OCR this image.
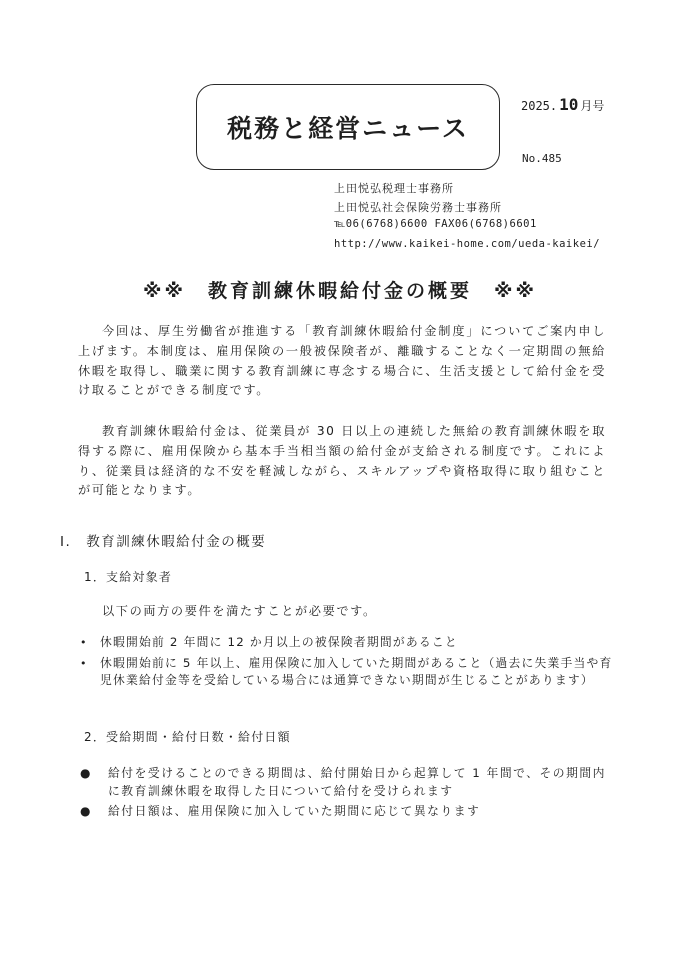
税務と経営ニュース
2025. 10 月号
No.485
上田悦弘税理士事務所
上田悦弘社会保険労務士事務所
℡06(6768)6600 FAX06(6768)6601
http://www.kaikei-home.com/ueda-kaikei/
※※　教育訓練休暇給付金の概要　※※
今回は、厚生労働省が推進する「教育訓練休暇給付金制度」についてご案内申し上げます。本制度は、雇用保険の一般被保険者が、離職することなく一定期間の無給休暇を取得し、職業に関する教育訓練に専念する場合に、生活支援として給付金を受け取ることができる制度です。
教育訓練休暇給付金は、従業員が 30 日以上の連続した無給の教育訓練休暇を取得する際に、雇用保険から基本手当相当額の給付金が支給される制度です。これにより、従業員は経済的な不安を軽減しながら、スキルアップや資格取得に取り組むことが可能となります。
I.　教育訓練休暇給付金の概要
1．支給対象者
以下の両方の要件を満たすことが必要です。
•	休暇開始前 2 年間に 12 か月以上の被保険者期間があること
•	休暇開始前に 5 年以上、雇用保険に加入していた期間があること（過去に失業手当や育児休業給付金等を受給している場合には通算できない期間が生じることがあります）
2．受給期間・給付日数・給付日額
●	給付を受けることのできる期間は、給付開始日から起算して 1 年間で、その期間内に教育訓練休暇を取得した日について給付を受けられます
●	給付日額は、雇用保険に加入していた期間に応じて異なります
